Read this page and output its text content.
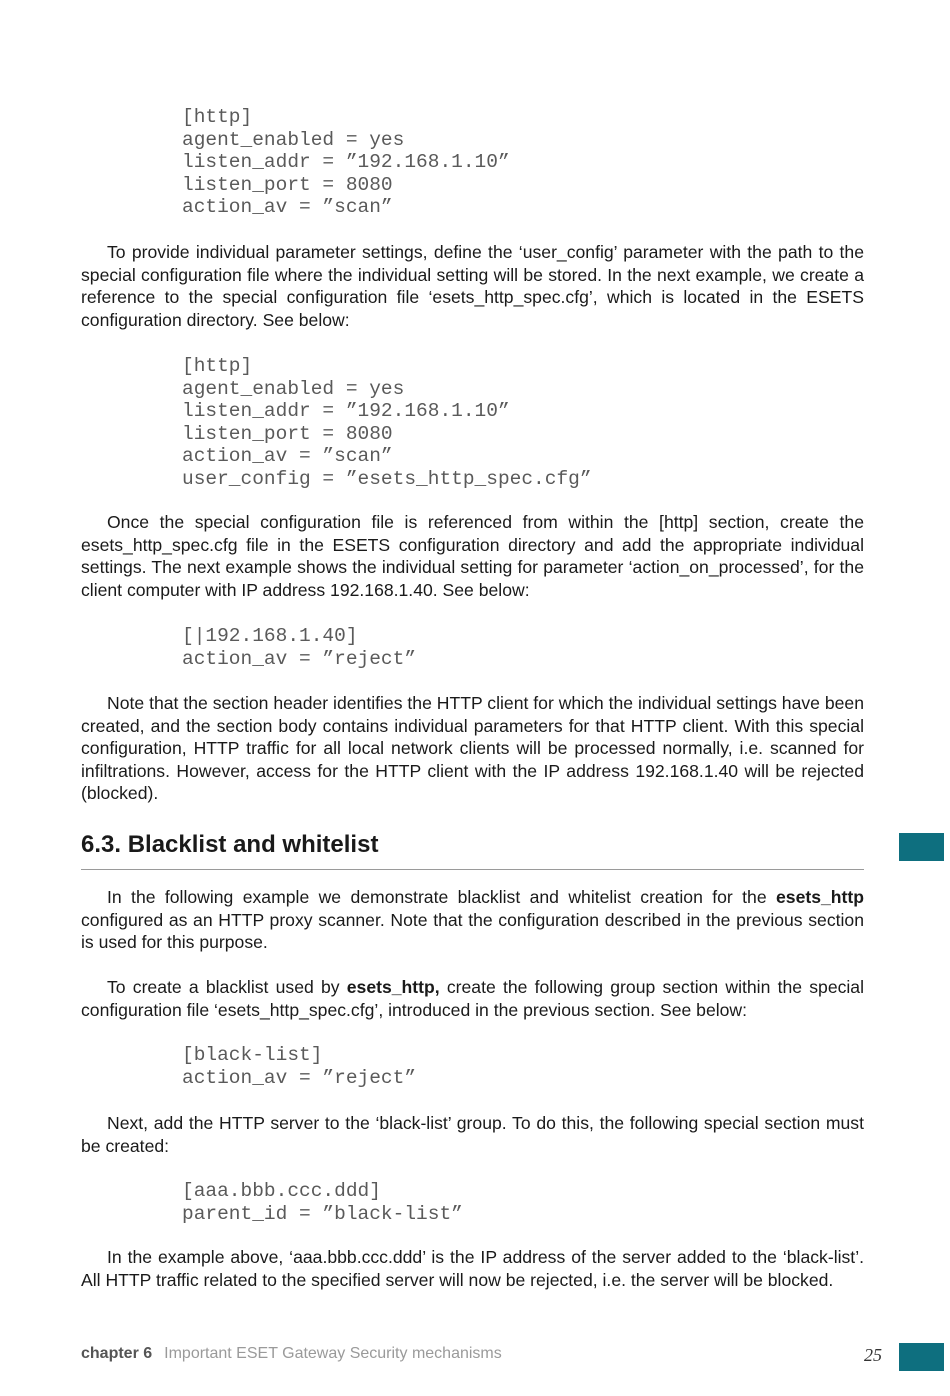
[http]
agent_enabled = yes
listen_addr = ”192.168.1.10”
listen_port = 8080
action_av = ”scan”

To provide individual parameter settings, define the ‘user_config’ parameter with the path to the special configuration file where the individual setting will be stored. In the next example, we create a reference to the special configuration file ‘esets_http_spec.cfg’, which is located in the ESETS configuration directory. See below:

[http]
agent_enabled = yes
listen_addr = ”192.168.1.10”
listen_port = 8080
action_av = ”scan”
user_config = ”esets_http_spec.cfg”

Once the special configuration file is referenced from within the [http] section, create the esets_http_spec.cfg file in the ESETS configuration directory and add the appropriate individual settings. The next example shows the individual setting for parameter ‘action_on_processed’, for the client computer with IP address 192.168.1.40. See below:

[|192.168.1.40]
action_av = ”reject”

Note that the section header identifies the HTTP client for which the individual settings have been created, and the section body contains individual parameters for that HTTP client. With this special configuration, HTTP traffic for all local network clients will be processed normally, i.e. scanned for infiltrations. However, access for the HTTP client with the IP address 192.168.1.40 will be rejected (blocked).

6.3. Blacklist and whitelist

In the following example we demonstrate blacklist and whitelist creation for the esets_http configured as an HTTP proxy scanner. Note that the configuration described in the previous section is used for this purpose.

To create a blacklist used by esets_http, create the following group section within the special configuration file ‘esets_http_spec.cfg’, introduced in the previous section. See below:

[black-list]
action_av = ”reject”

Next, add the HTTP server to the ‘black-list’ group. To do this, the following special section must be created:

[aaa.bbb.ccc.ddd]
parent_id = ”black-list”

In the example above, ‘aaa.bbb.ccc.ddd’ is the IP address of the server added to the ‘black-list’. All HTTP traffic related to the specified server will now be rejected, i.e. the server will be blocked.

chapter 6 Important ESET Gateway Security mechanisms	25
